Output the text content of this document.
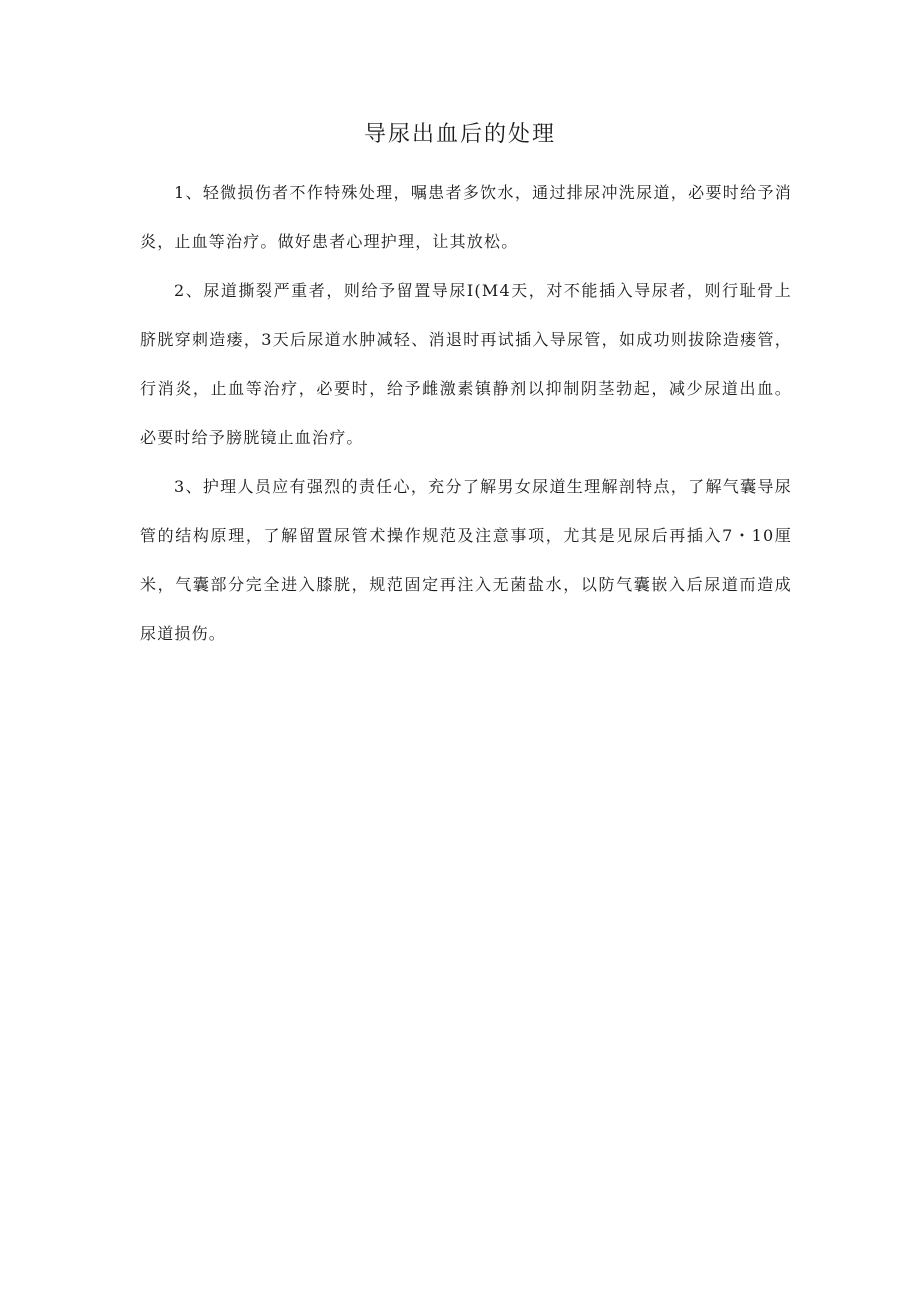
导尿出血后的处理

1、轻微损伤者不作特殊处理，嘱患者多饮水，通过排尿冲洗尿道，必要时给予消炎，止血等治疗。做好患者心理护理，让其放松。

2、尿道撕裂严重者，则给予留置导尿I(M4天，对不能插入导尿者，则行耻骨上脐胱穿刺造瘘，3天后尿道水肿减轻、消退时再试插入导尿管，如成功则拔除造瘘管，行消炎，止血等治疗，必要时，给予雌激素镇静剂以抑制阴茎勃起，减少尿道出血。必要时给予膀胱镜止血治疗。

3、护理人员应有强烈的责任心，充分了解男女尿道生理解剖特点，了解气囊导尿管的结构原理，了解留置尿管术操作规范及注意事项，尤其是见尿后再插入7・10厘米，气囊部分完全进入膝胱，规范固定再注入无菌盐水，以防气囊嵌入后尿道而造成尿道损伤。
